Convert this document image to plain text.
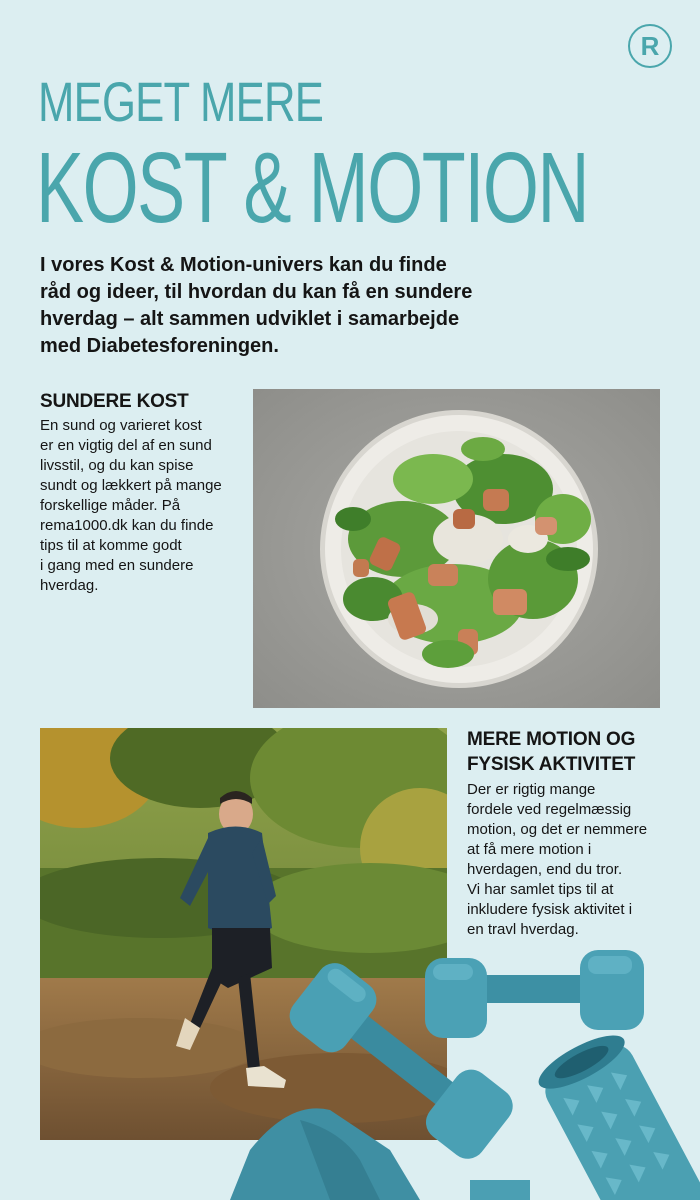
R
MEGET MERE
KOST & MOTION

I vores Kost & Motion-univers kan du finde råd og ideer, til hvordan du kan få en sundere hverdag – alt sammen udviklet i samarbejde med Diabetesforeningen.

SUNDERE KOST
En sund og varieret kost
er en vigtig del af en sund
livsstil, og du kan spise
sundt og lækkert på mange
forskellige måder. På
rema1000.dk kan du finde
tips til at komme godt
i gang med en sundere
hverdag.
MERE MOTION OG
FYSISK AKTIVITET
Der er rigtig mange
fordele ved regelmæssig
motion, og det er nemmere
at få mere motion i
hverdagen, end du tror.
Vi har samlet tips til at
inkludere fysisk aktivitet i
en travl hverdag.
